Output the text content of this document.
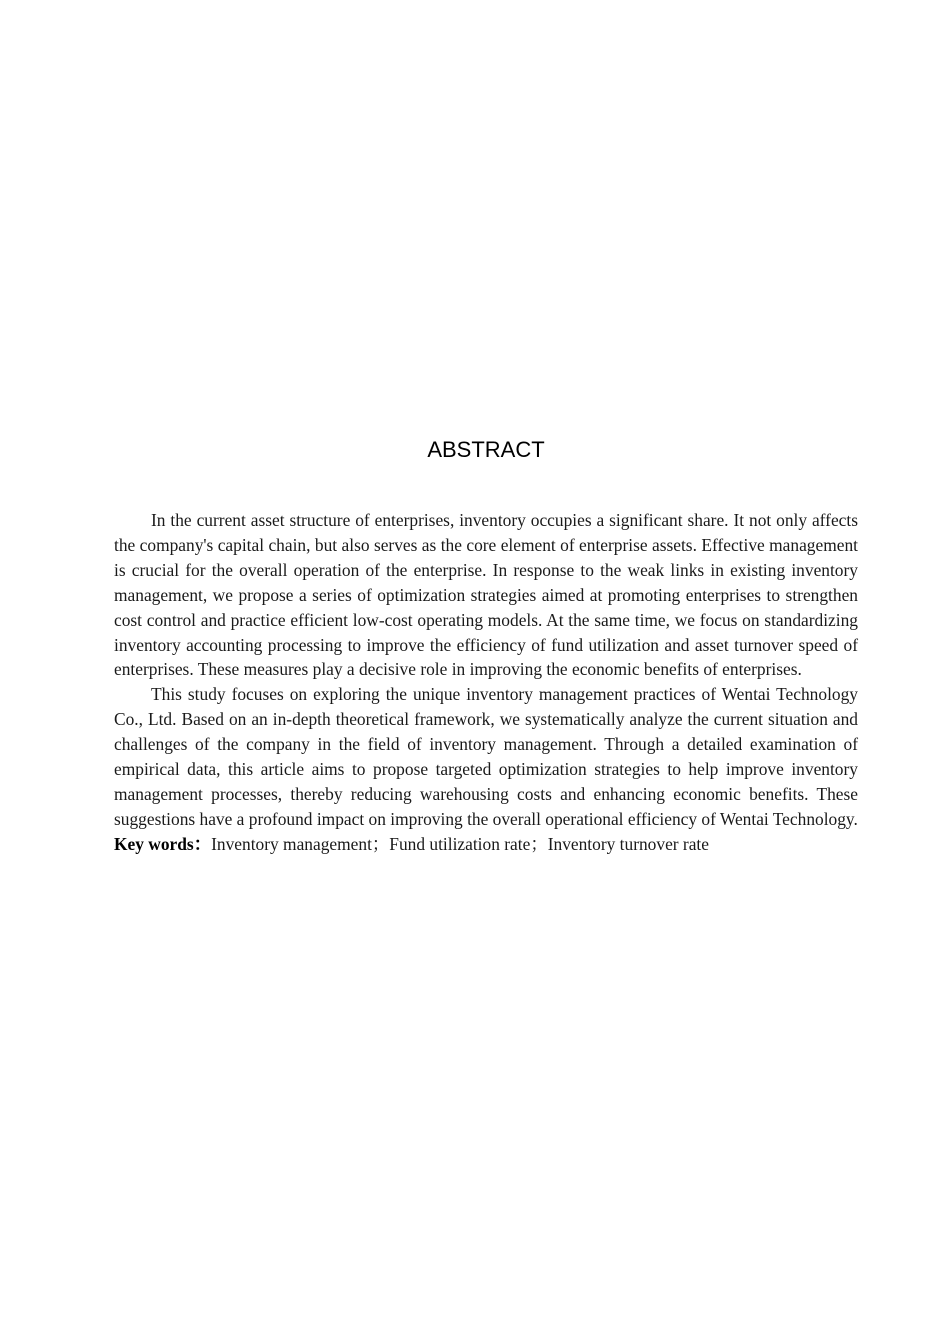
ABSTRACT

In the current asset structure of enterprises, inventory occupies a significant share. It not only affects the company's capital chain, but also serves as the core element of enterprise assets. Effective management is crucial for the overall operation of the enterprise. In response to the weak links in existing inventory management, we propose a series of optimization strategies aimed at promoting enterprises to strengthen cost control and practice efficient low-cost operating models. At the same time, we focus on standardizing inventory accounting processing to improve the efficiency of fund utilization and asset turnover speed of enterprises. These measures play a decisive role in improving the economic benefits of enterprises.

This study focuses on exploring the unique inventory management practices of Wentai Technology Co., Ltd. Based on an in-depth theoretical framework, we systematically analyze the current situation and challenges of the company in the field of inventory management. Through a detailed examination of empirical data, this article aims to propose targeted optimization strategies to help improve inventory management processes, thereby reducing warehousing costs and enhancing economic benefits. These suggestions have a profound impact on improving the overall operational efficiency of Wentai Technology.

Key words：Inventory management；Fund utilization rate；Inventory turnover rate
